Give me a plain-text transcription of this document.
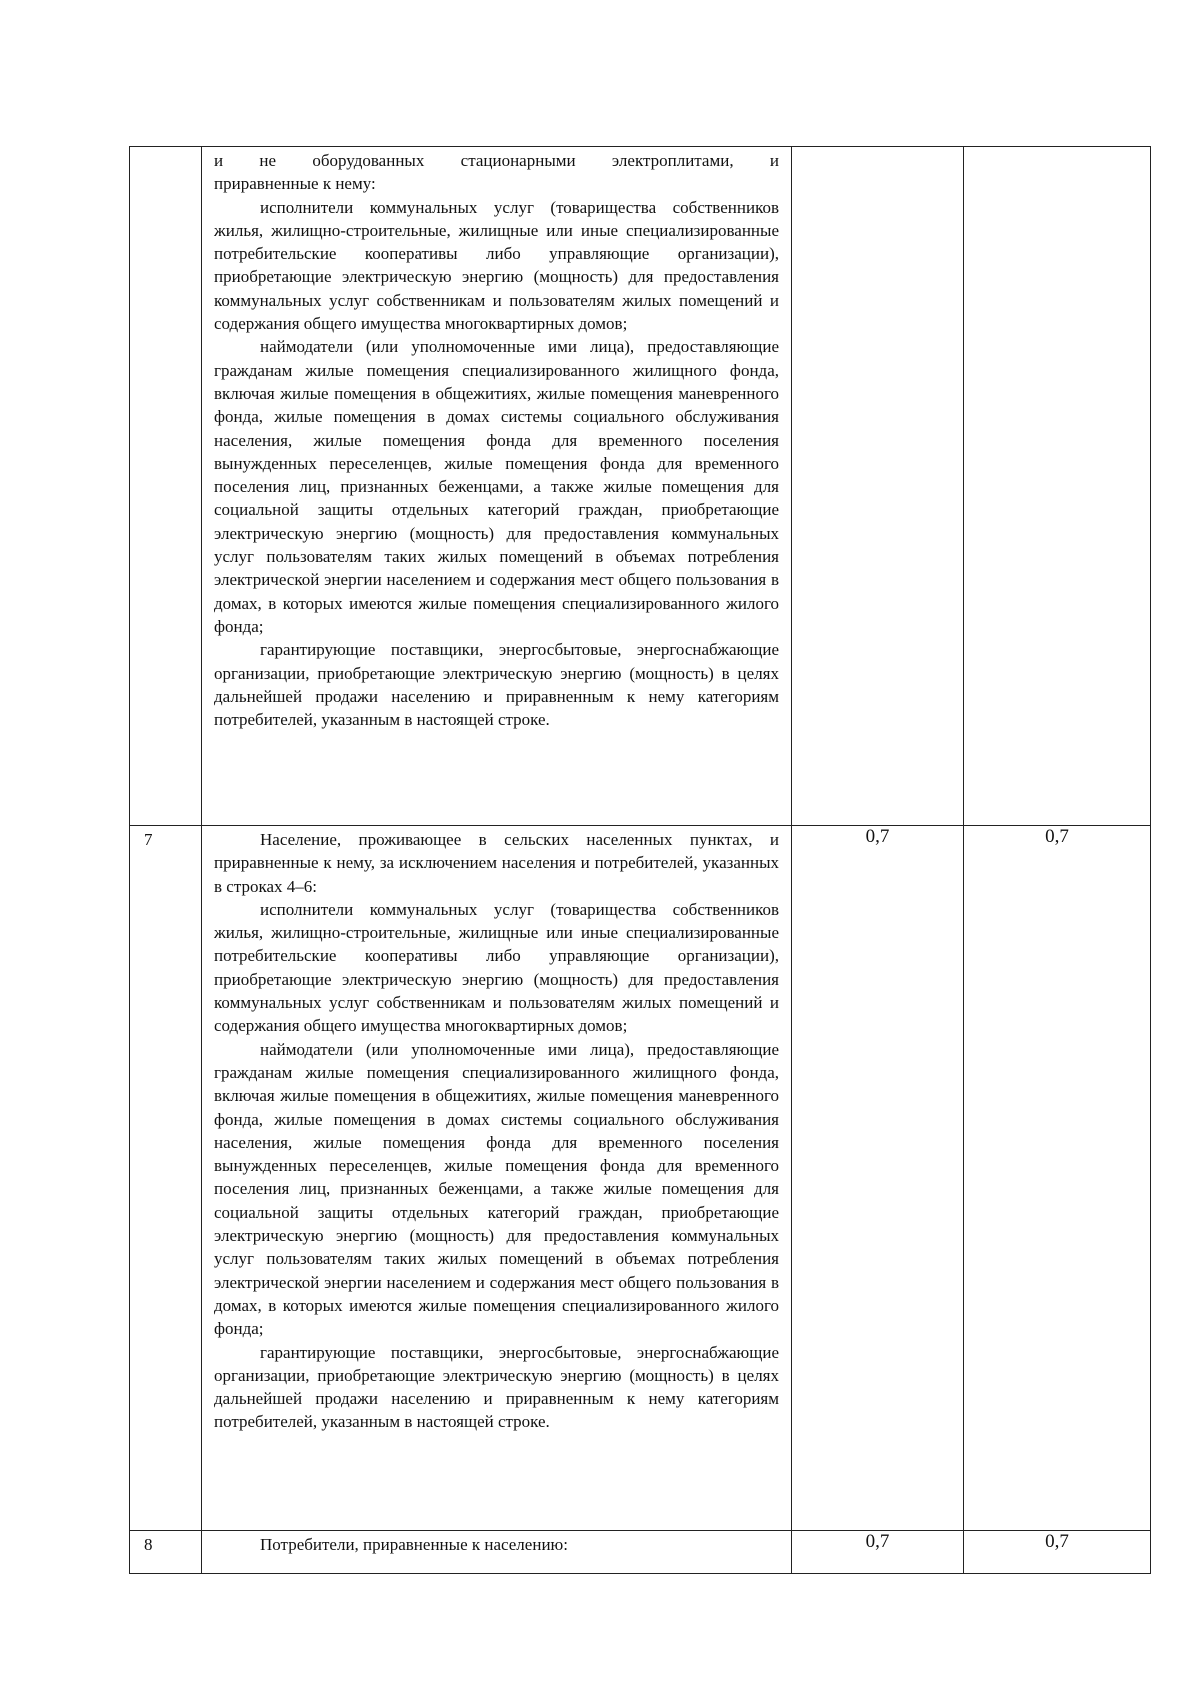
	и не оборудованных стационарными электроплитами, и

приравненные к нему:

исполнители коммунальных услуг (товарищества собственников жилья, жилищно-строительные, жилищные или иные специализированные потребительские кооперативы либо управляющие организации), приобретающие электрическую энергию (мощность) для предоставления коммунальных услуг собственникам и пользователям жилых помещений и содержания общего имущества многоквартирных домов;

наймодатели (или уполномоченные ими лица), предоставляющие гражданам жилые помещения специализированного жилищного фонда, включая жилые помещения в общежитиях, жилые помещения маневренного фонда, жилые помещения в домах системы социального обслуживания населения, жилые помещения фонда для временного поселения вынужденных переселенцев, жилые помещения фонда для временного поселения лиц, признанных беженцами, а также жилые помещения для социальной защиты отдельных категорий граждан, приобретающие электрическую энергию (мощность) для предоставления коммунальных услуг пользователям таких жилых помещений в объемах потребления электрической энергии населением и содержания мест общего пользования в домах, в которых имеются жилые помещения специализированного жилого фонда;

гарантирующие поставщики, энергосбытовые, энергоснабжающие организации, приобретающие электрическую энергию (мощность) в целях дальнейшей продажи населению и приравненным к нему категориям потребителей, указанным в настоящей строке.		

7	Население, проживающее в сельских населенных пунктах, и приравненные к нему, за исключением населения и потребителей, указанных в строках 4–6:

исполнители коммунальных услуг (товарищества собственников жилья, жилищно-строительные, жилищные или иные специализированные потребительские кооперативы либо управляющие организации), приобретающие электрическую энергию (мощность) для предоставления коммунальных услуг собственникам и пользователям жилых помещений и содержания общего имущества многоквартирных домов;

наймодатели (или уполномоченные ими лица), предоставляющие гражданам жилые помещения специализированного жилищного фонда, включая жилые помещения в общежитиях, жилые помещения маневренного фонда, жилые помещения в домах системы социального обслуживания населения, жилые помещения фонда для временного поселения вынужденных переселенцев, жилые помещения фонда для временного поселения лиц, признанных беженцами, а также жилые помещения для социальной защиты отдельных категорий граждан, приобретающие электрическую энергию (мощность) для предоставления коммунальных услуг пользователям таких жилых помещений в объемах потребления электрической энергии населением и содержания мест общего пользования в домах, в которых имеются жилые помещения специализированного жилого фонда;

гарантирующие поставщики, энергосбытовые, энергоснабжающие организации, приобретающие электрическую энергию (мощность) в целях дальнейшей продажи населению и приравненным к нему категориям потребителей, указанным в настоящей строке.	0,7	0,7
8	Потребители, приравненные к населению:	0,7	0,7
